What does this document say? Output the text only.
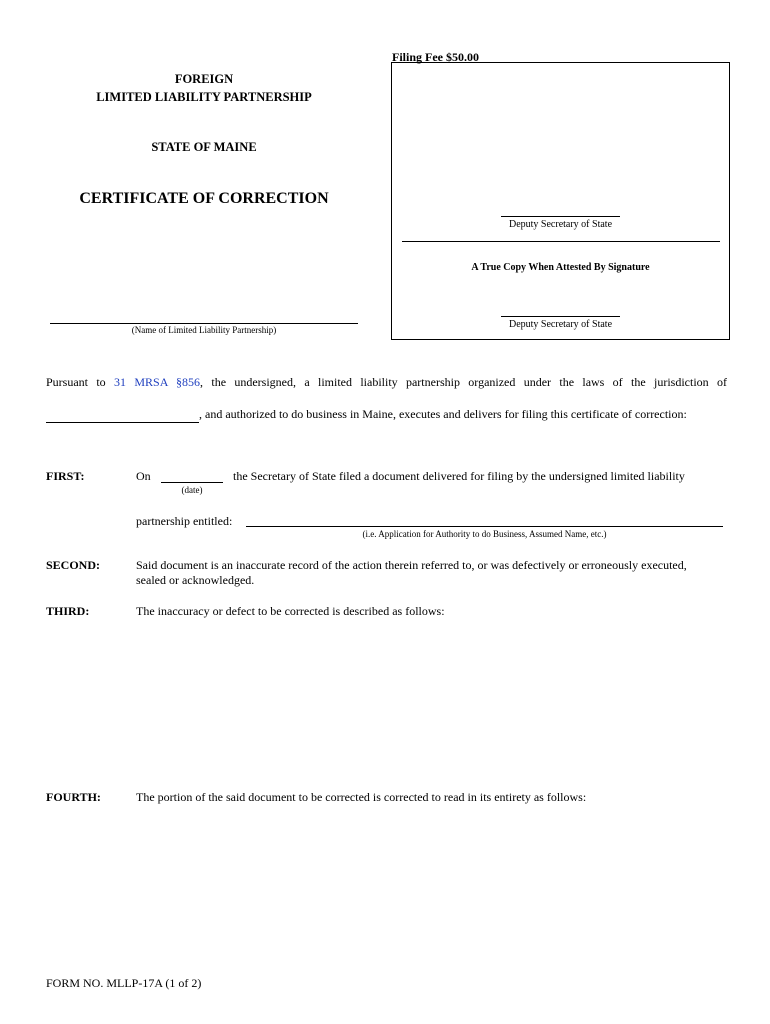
Filing Fee $50.00
Deputy Secretary of State
A True Copy When Attested By Signature
Deputy Secretary of State
FOREIGN
LIMITED LIABILITY PARTNERSHIP
STATE OF MAINE
CERTIFICATE OF CORRECTION
(Name of Limited Liability Partnership)
Pursuant to 31 MRSA §856, the undersigned, a limited liability partnership organized under the laws of the jurisdiction of
, and authorized to do business in Maine, executes and delivers for filing this certificate of correction:
FIRST:	On
(date)
the Secretary of State filed a document delivered for filing by the undersigned limited liability
partnership entitled:
(i.e. Application for Authority to do Business, Assumed Name, etc.)
SECOND:	Said document is an inaccurate record of the action therein referred to, or was defectively or erroneously executed,
sealed or acknowledged.
THIRD:	The inaccuracy or defect to be corrected is described as follows:
FOURTH:	The portion of the said document to be corrected is corrected to read in its entirety as follows:
FORM NO. MLLP-17A (1 of 2)
